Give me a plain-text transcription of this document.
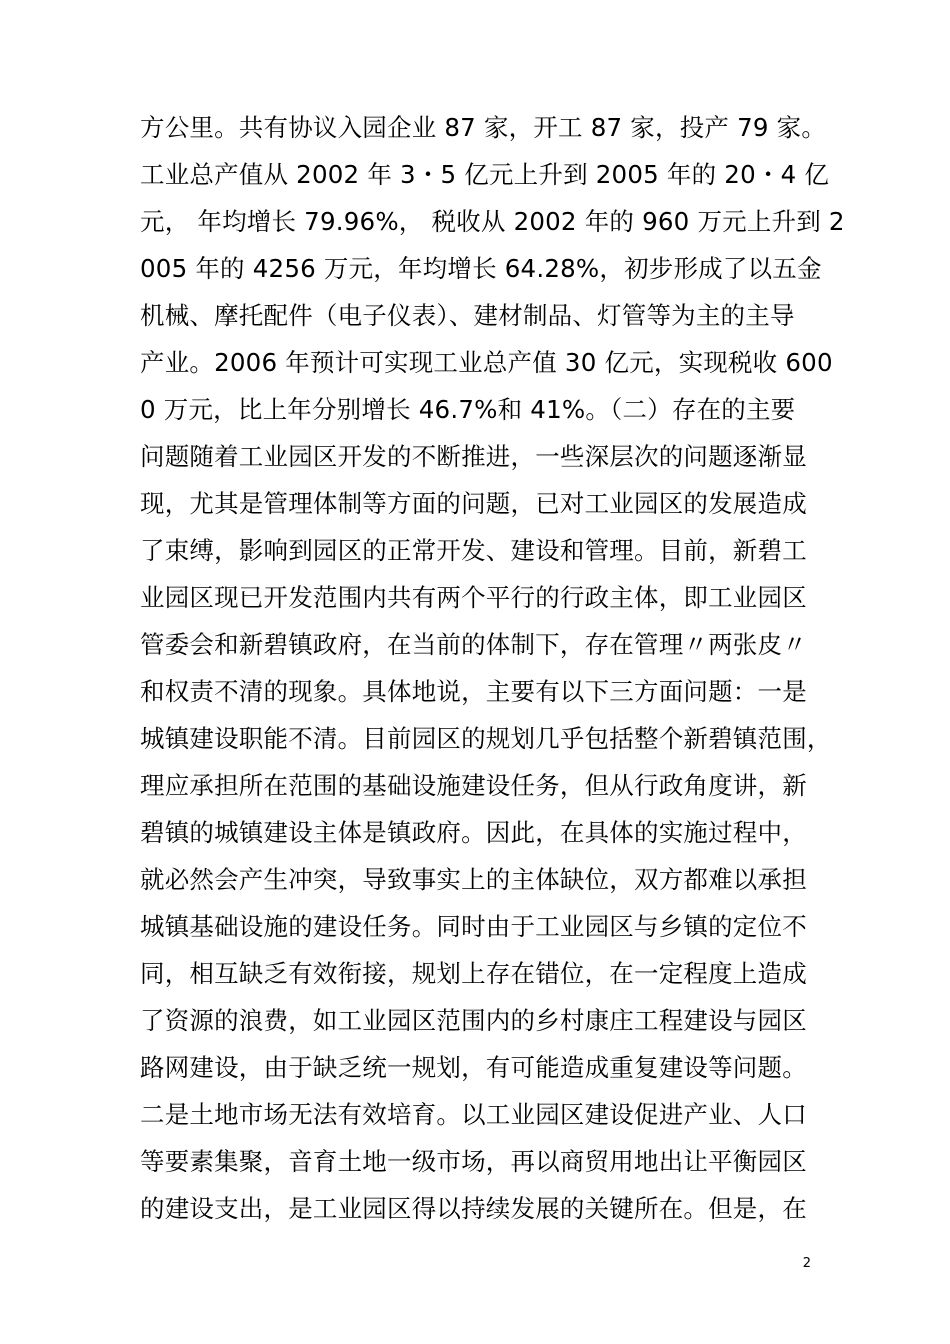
方公里。共有协议入园企业 87 家，开工 87 家，投产 79 家。
工业总产值从 2002 年 3・5 亿元上升到 2005 年的 20・4 亿
元， 年均增长 79.96%， 税收从 2002 年的 960 万元上升到 2
005 年的 4256 万元，年均增长 64.28%，初步形成了以五金
机械、摩托配件（电子仪表）、建材制品、灯管等为主的主导
产业。2006 年预计可实现工业总产值 30 亿元，实现税收 600
0 万元，比上年分别增长 46.7%和 41%。（二）存在的主要
问题随着工业园区开发的不断推进，一些深层次的问题逐渐显
现，尤其是管理体制等方面的问题，已对工业园区的发展造成
了束缚，影响到园区的正常开发、建设和管理。目前，新碧工
业园区现已开发范围内共有两个平行的行政主体，即工业园区
管委会和新碧镇政府，在当前的体制下，存在管理〃两张皮〃
和权责不清的现象。具体地说，主要有以下三方面问题：一是
城镇建设职能不清。目前园区的规划几乎包括整个新碧镇范围，
理应承担所在范围的基础设施建设任务，但从行政角度讲，新
碧镇的城镇建设主体是镇政府。因此，在具体的实施过程中，
就必然会产生冲突，导致事实上的主体缺位，双方都难以承担
城镇基础设施的建设任务。同时由于工业园区与乡镇的定位不
同，相互缺乏有效衔接，规划上存在错位，在一定程度上造成
了资源的浪费，如工业园区范围内的乡村康庄工程建设与园区
路网建设，由于缺乏统一规划，有可能造成重复建设等问题。
二是土地市场无法有效培育。以工业园区建设促进产业、人口
等要素集聚，音育土地一级市场，再以商贸用地出让平衡园区
的建设支出，是工业园区得以持续发展的关键所在。但是，在
2
